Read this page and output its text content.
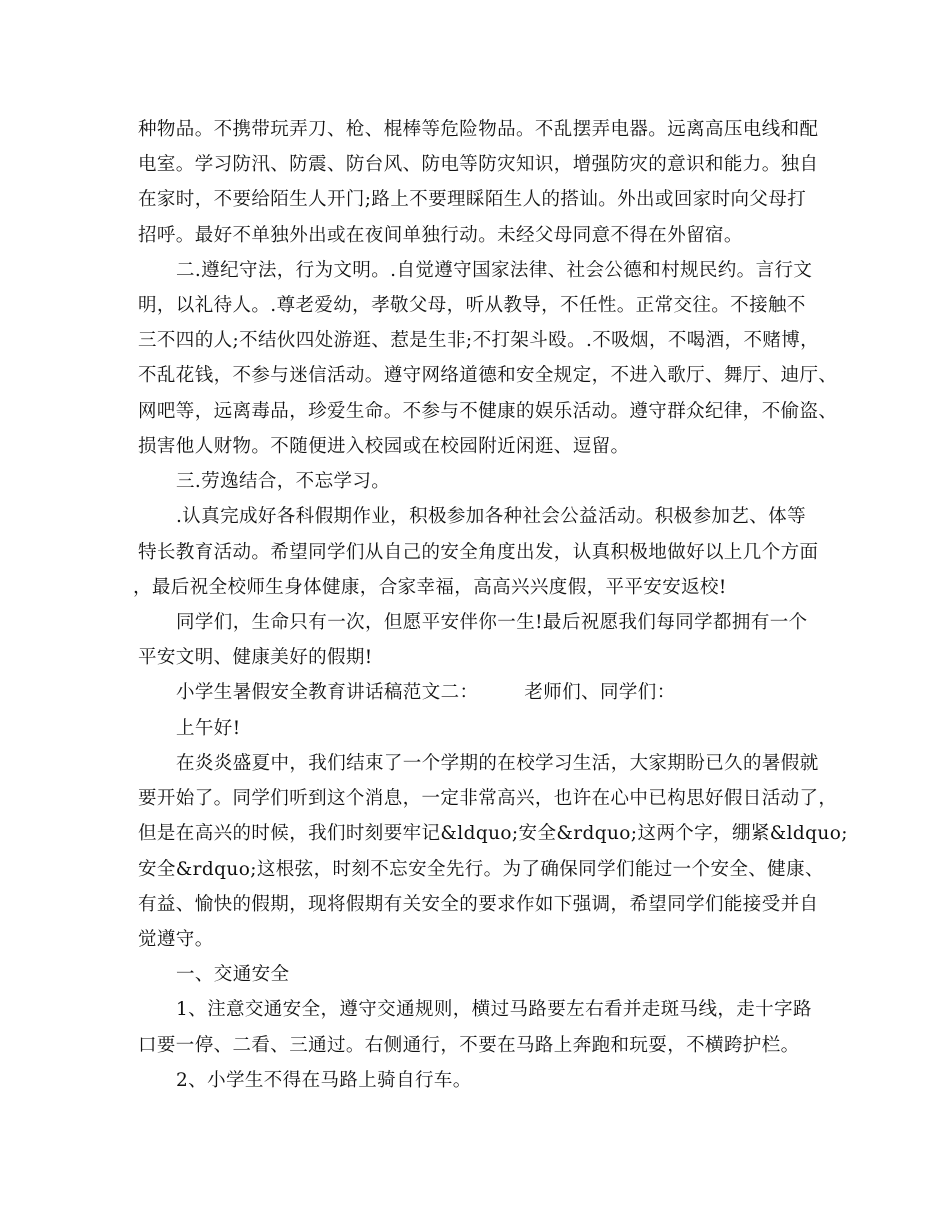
种物品。不携带玩弄刀、枪、棍棒等危险物品。不乱摆弄电器。远离高压电线和配
电室。学习防汛、防震、防台风、防电等防灾知识，增强防灾的意识和能力。独自
在家时，不要给陌生人开门;路上不要理睬陌生人的搭讪。外出或回家时向父母打
招呼。最好不单独外出或在夜间单独行动。未经父母同意不得在外留宿。
二.遵纪守法，行为文明。.自觉遵守国家法律、社会公德和村规民约。言行文
明，以礼待人。.尊老爱幼，孝敬父母，听从教导，不任性。正常交往。不接触不
三不四的人;不结伙四处游逛、惹是生非;不打架斗殴。.不吸烟，不喝酒，不赌博，
不乱花钱，不参与迷信活动。遵守网络道德和安全规定，不进入歌厅、舞厅、迪厅、
网吧等，远离毒品，珍爱生命。不参与不健康的娱乐活动。遵守群众纪律，不偷盗、
损害他人财物。不随便进入校园或在校园附近闲逛、逗留。
三.劳逸结合，不忘学习。
.认真完成好各科假期作业，积极参加各种社会公益活动。积极参加艺、体等
特长教育活动。希望同学们从自己的安全角度出发，认真积极地做好以上几个方面
，最后祝全校师生身体健康，合家幸福，高高兴兴度假，平平安安返校!
同学们，生命只有一次，但愿平安伴你一生!最后祝愿我们每同学都拥有一个
平安文明、健康美好的假期!
小学生暑假安全教育讲话稿范文二： 老师们、同学们：
上午好!
在炎炎盛夏中，我们结束了一个学期的在校学习生活，大家期盼已久的暑假就
要开始了。同学们听到这个消息，一定非常高兴，也许在心中已构思好假日活动了，
但是在高兴的时候，我们时刻要牢记&ldquo;安全&rdquo;这两个字，绷紧&ldquo;
安全&rdquo;这根弦，时刻不忘安全先行。为了确保同学们能过一个安全、健康、
有益、愉快的假期，现将假期有关安全的要求作如下强调，希望同学们能接受并自
觉遵守。
一、交通安全
1、注意交通安全，遵守交通规则，横过马路要左右看并走斑马线，走十字路
口要一停、二看、三通过。右侧通行，不要在马路上奔跑和玩耍，不横跨护栏。
2、小学生不得在马路上骑自行车。
